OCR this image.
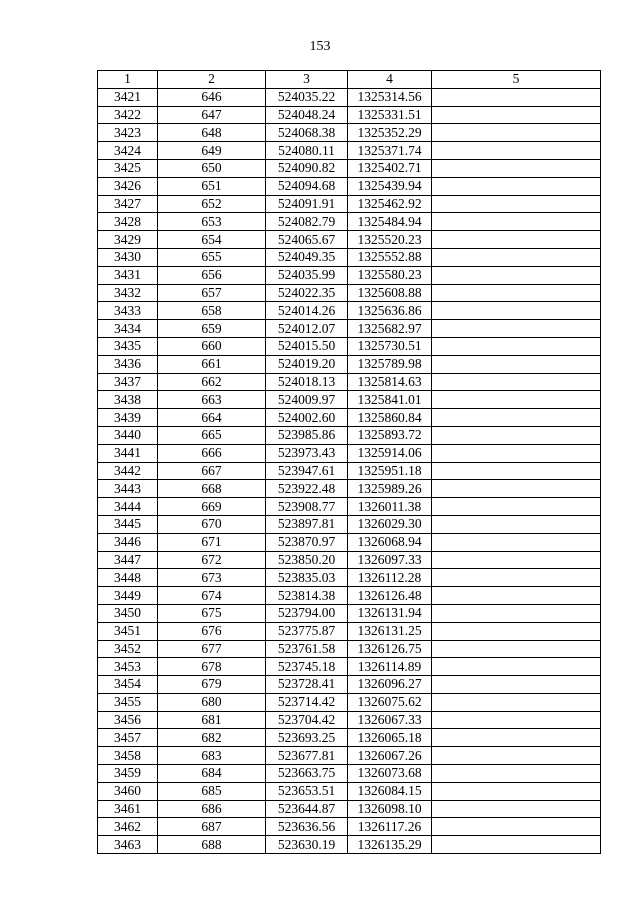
153
1	2	3	4	5
3421	646	524035.22	1325314.56	
3422	647	524048.24	1325331.51	
3423	648	524068.38	1325352.29	
3424	649	524080.11	1325371.74	
3425	650	524090.82	1325402.71	
3426	651	524094.68	1325439.94	
3427	652	524091.91	1325462.92	
3428	653	524082.79	1325484.94	
3429	654	524065.67	1325520.23	
3430	655	524049.35	1325552.88	
3431	656	524035.99	1325580.23	
3432	657	524022.35	1325608.88	
3433	658	524014.26	1325636.86	
3434	659	524012.07	1325682.97	
3435	660	524015.50	1325730.51	
3436	661	524019.20	1325789.98	
3437	662	524018.13	1325814.63	
3438	663	524009.97	1325841.01	
3439	664	524002.60	1325860.84	
3440	665	523985.86	1325893.72	
3441	666	523973.43	1325914.06	
3442	667	523947.61	1325951.18	
3443	668	523922.48	1325989.26	
3444	669	523908.77	1326011.38	
3445	670	523897.81	1326029.30	
3446	671	523870.97	1326068.94	
3447	672	523850.20	1326097.33	
3448	673	523835.03	1326112.28	
3449	674	523814.38	1326126.48	
3450	675	523794.00	1326131.94	
3451	676	523775.87	1326131.25	
3452	677	523761.58	1326126.75	
3453	678	523745.18	1326114.89	
3454	679	523728.41	1326096.27	
3455	680	523714.42	1326075.62	
3456	681	523704.42	1326067.33	
3457	682	523693.25	1326065.18	
3458	683	523677.81	1326067.26	
3459	684	523663.75	1326073.68	
3460	685	523653.51	1326084.15	
3461	686	523644.87	1326098.10	
3462	687	523636.56	1326117.26	
3463	688	523630.19	1326135.29	
